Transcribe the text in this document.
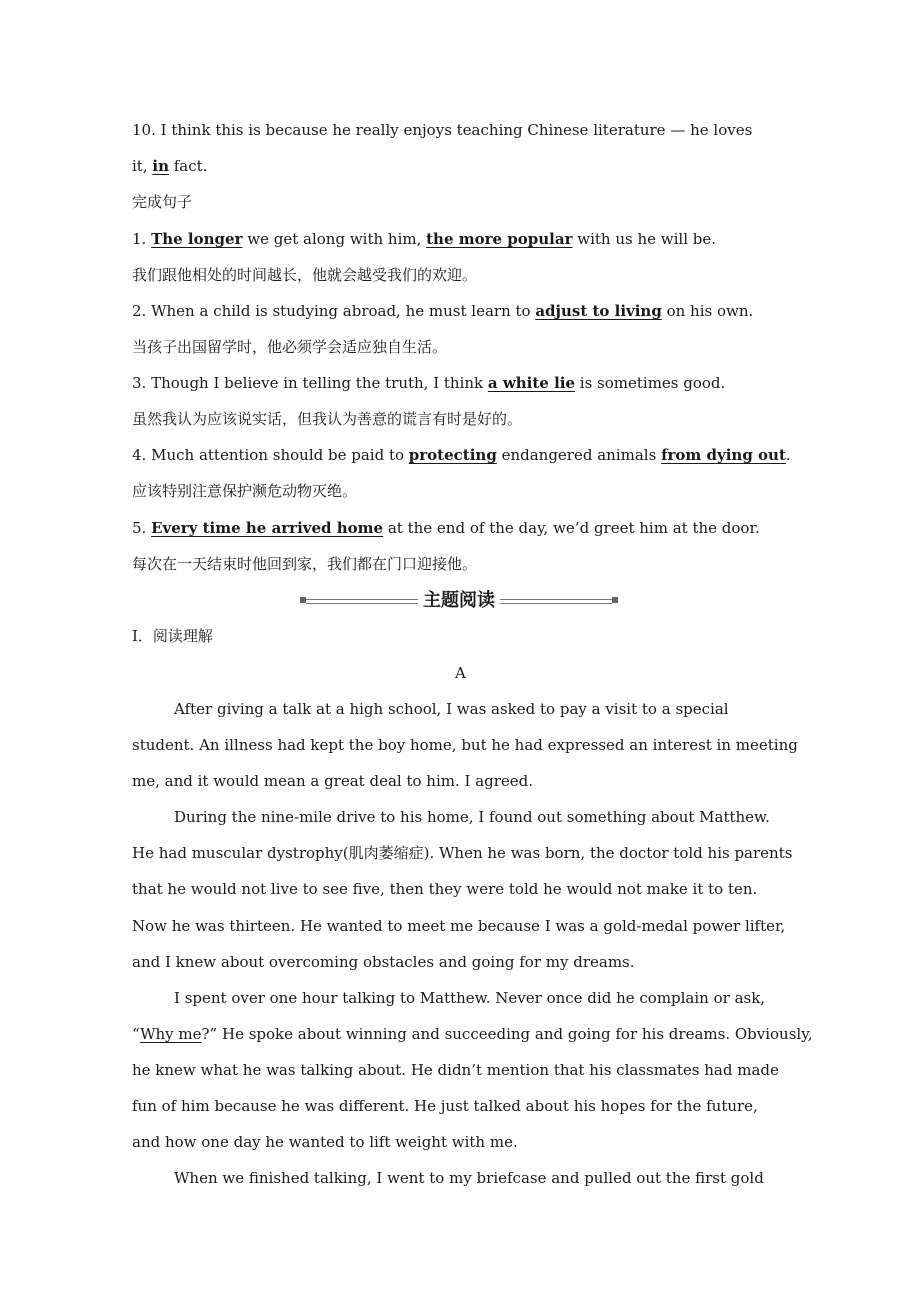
10. I think this is because he really enjoys teaching Chinese literature — he loves
it, in fact.
完成句子
1. The longer we get along with him, the more popular with us he will be.
我们跟他相处的时间越长，他就会越受我们的欢迎。
2. When a child is studying abroad, he must learn to adjust to living on his own.
当孩子出国留学时，他必须学会适应独自生活。
3. Though I believe in telling the truth, I think a white lie is sometimes good.
虽然我认为应该说实话，但我认为善意的谎言有时是好的。
4. Much attention should be paid to protecting endangered animals from dying out.
应该特别注意保护濒危动物灭绝。
5. Every time he arrived home at the end of the day, we’d greet him at the door.
每次在一天结束时他回到家，我们都在门口迎接他。
主题阅读
Ⅰ．阅读理解
A
After giving a talk at a high school, I was asked to pay a visit to a special
student. An illness had kept the boy home, but he had expressed an interest in meeting
me, and it would mean a great deal to him. I agreed.
During the nine-mile drive to his home, I found out something about Matthew.
He had muscular dystrophy(肌肉萎缩症). When he was born, the doctor told his parents
that he would not live to see five, then they were told he would not make it to ten.
Now he was thirteen. He wanted to meet me because I was a gold-medal power lifter,
and I knew about overcoming obstacles and going for my dreams.
I spent over one hour talking to Matthew. Never once did he complain or ask,
“Why me?” He spoke about winning and succeeding and going for his dreams. Obviously,
he knew what he was talking about. He didn’t mention that his classmates had made
fun of him because he was different. He just talked about his hopes for the future,
and how one day he wanted to lift weight with me.
When we finished talking, I went to my briefcase and pulled out the first gold
